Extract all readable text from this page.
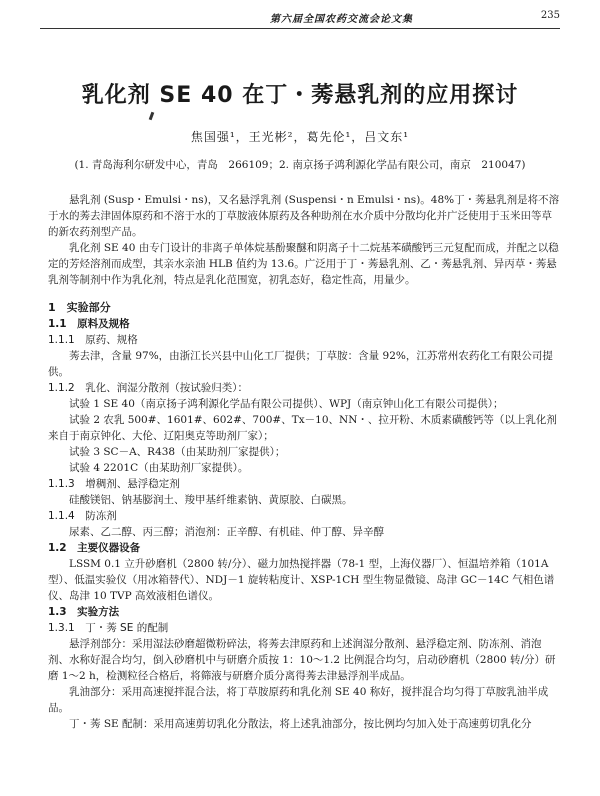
第六届全国农药交流会论文集	235
乳化剂 SE 40 在丁・莠悬乳剂的应用探讨
焦国强¹，王光彬²，葛先伦¹，吕文东¹
(1. 青岛海利尔研发中心，青岛　266109；2. 南京扬子鸿利源化学品有限公司，南京　210047)

悬乳剂 (Susp・Emulsi・ns)，又名悬浮乳剂 (Suspensi・n Emulsi・ns)。48%丁・莠悬乳剂是将不溶于水的莠去津固体原药和不溶于水的丁草胺液体原药及各种助剂在水介质中分散均化并广泛使用于玉米田等草的新农药剂型产品。

乳化剂 SE 40 由专门设计的非离子单体烷基酚聚醚和阴离子十二烷基苯磺酸钙三元复配而成，并配之以稳定的芳烃溶剂而成型，其亲水亲油 HLB 值约为 13.6。广泛用于丁・莠悬乳剂、乙・莠悬乳剂、异丙草・莠悬乳剂等制剂中作为乳化剂，特点是乳化范围宽，初乳态好，稳定性高，用量少。

1　实验部分

1.1　原料及规格

1.1.1　原药、规格

莠去津，含量 97%，由浙江长兴县中山化工厂提供；丁草胺：含量 92%，江苏常州农药化工有限公司提供。

1.1.2　乳化、润湿分散剂（按试验归类）：

试验 1 SE 40（南京扬子鸿利源化学品有限公司提供）、WPJ（南京钟山化工有限公司提供）；

试验 2 农乳 500#、1601#、602#、700#、Tx－10、NN・、拉开粉、木质素磺酸钙等（以上乳化剂来自于南京钟化、大伦、辽阳奥克等助剂厂家）；

试验 3 SC－A、R438（由某助剂厂家提供）；

试验 4 2201C（由某助剂厂家提供）。

1.1.3　增稠剂、悬浮稳定剂

硅酸镁铝、钠基膨润土、羧甲基纤维素钠、黄原胶、白碳黑。

1.1.4　防冻剂

尿素、乙二醇、丙三醇；消泡剂：正辛醇、有机硅、仲丁醇、异辛醇

1.2　主要仪器设备

LSSM 0.1 立升砂磨机（2800 转/分）、磁力加热搅拌器（78-1 型，上海仪器厂）、恒温培养箱（101A 型）、低温实验仪（用冰箱替代）、NDJ－1 旋转粘度计、XSP-1CH 型生物显微镜、岛津 GC－14C 气相色谱仪、岛津 10 TVP 高效液相色谱仪。

1.3　实验方法

1.3.1　丁・莠 SE 的配制

悬浮剂部分：采用湿法砂磨超微粉碎法，将莠去津原药和上述润湿分散剂、悬浮稳定剂、防冻剂、消泡剂、水称好混合均匀，倒入砂磨机中与研磨介质按 1：10～1.2 比例混合均匀，启动砂磨机（2800 转/分）研磨 1～2 h，检测粒径合格后，将筛液与研磨介质分离得莠去津悬浮剂半成品。

乳油部分：采用高速搅拌混合法，将丁草胺原药和乳化剂 SE 40 称好，搅拌混合均匀得丁草胺乳油半成品。

丁・莠 SE 配制：采用高速剪切乳化分散法，将上述乳油部分，按比例均匀加入处于高速剪切乳化分
